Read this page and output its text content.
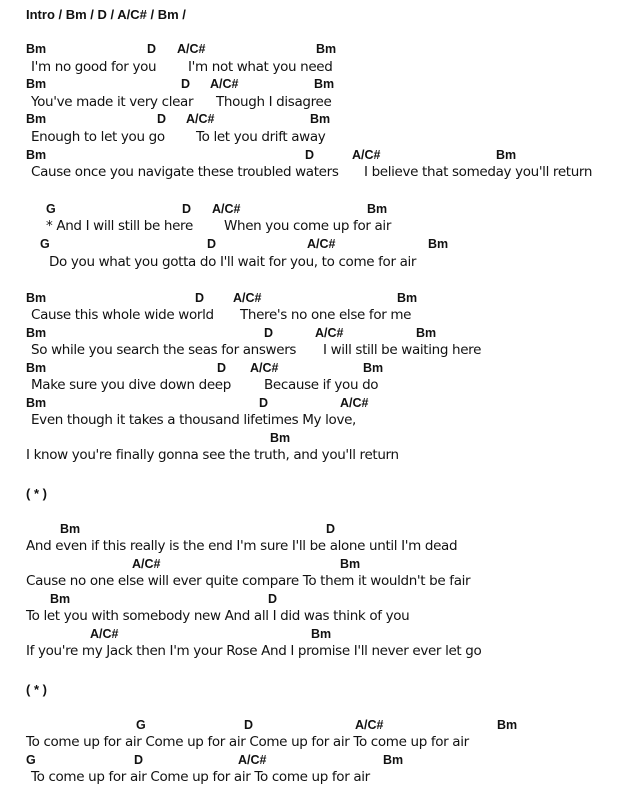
Intro / Bm / D / A/C# / Bm /
Bm	D A/C#	Bm
I'm no good for you I'm not what you need
Bm	D A/C#	Bm
You've made it very clear Though I disagree
Bm	D A/C#	Bm
Enough to let you go To let you drift away
Bm	D	A/C#	Bm
Cause once you navigate these troubled waters I believe that someday you'll return
G	D A/C#	Bm
* And I will still be here When you come up for air
G	D	A/C#	Bm
Do you what you gotta do I'll wait for you, to come for air
Bm	D A/C#	Bm
Cause this whole wide world There's no one else for me
Bm	D	A/C#	Bm
So while you search the seas for answers I will still be waiting here
Bm	D A/C#	Bm
Make sure you dive down deep Because if you do
Bm	D	A/C#
Even though it takes a thousand lifetimes My love,
Bm
I know you're finally gonna see the truth, and you'll return
( * )
Bm	D
And even if this really is the end I'm sure I'll be alone until I'm dead
A/C#	Bm
Cause no one else will ever quite compare To them it wouldn't be fair
Bm	D
To let you with somebody new And all I did was think of you
A/C#	Bm
If you're my Jack then I'm your Rose And I promise I'll never ever let go
( * )
G	D	A/C#	Bm
To come up for air Come up for air Come up for air To come up for air
G	D	A/C#	Bm
To come up for air Come up for air To come up for air
